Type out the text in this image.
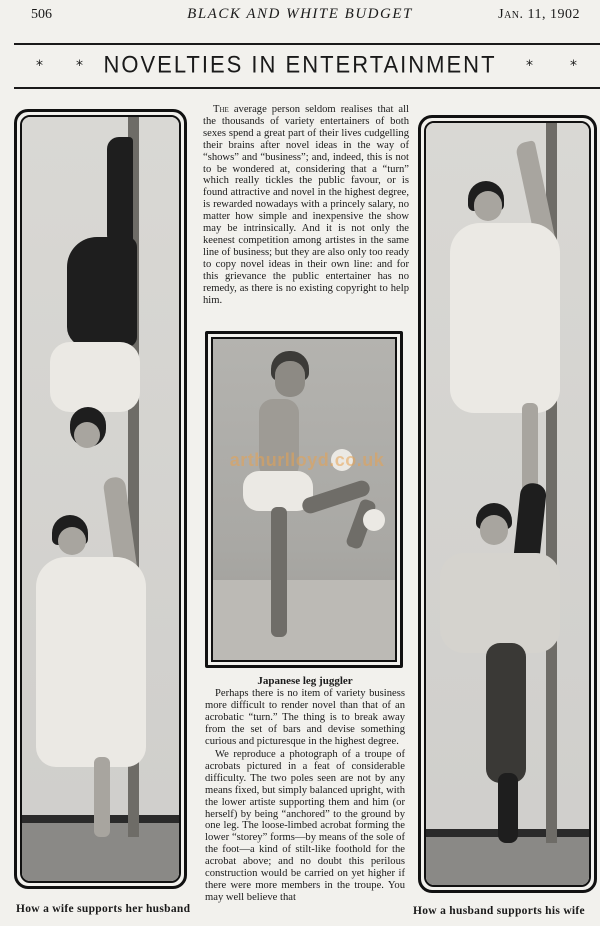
506	BLACK AND WHITE BUDGET	Jan. 11, 1902
* * NOVELTIES IN ENTERTAINMENT	*	*
How a wife supports her husband

The average person seldom realises that all the thousands of variety entertainers of both sexes spend a great part of their lives cudgelling their brains after novel ideas in the way of “shows” and “business”; and, indeed, this is not to be wondered at, considering that a “turn” which really tickles the public favour, or is found attractive and novel in the highest degree, is rewarded nowadays with a princely salary, no matter how simple and inexpensive the show may be intrinsically. And it is not only the keenest competition among artistes in the same line of business; but they are also only too ready to copy novel ideas in their own line: and for this grievance the public entertainer has no remedy, as there is no existing copyright to help him.

arthurlloyd.co.uk
Japanese leg juggler

Perhaps there is no item of variety business more difficult to render novel than that of an acrobatic “turn.” The thing is to break away from the set of bars and devise something curious and picturesque in the highest degree.

We reproduce a photograph of a troupe of acrobats pictured in a feat of considerable difficulty. The two poles seen are not by any means fixed, but simply balanced upright, with the lower artiste supporting them and him (or herself) by being “anchored” to the ground by one leg. The loose-limbed acrobat forming the lower “storey” forms—by means of the sole of the foot—a kind of stilt-like foothold for the acrobat above; and no doubt this perilous construction would be carried on yet higher if there were more members in the troupe. You may well believe that

How a husband supports his wife
